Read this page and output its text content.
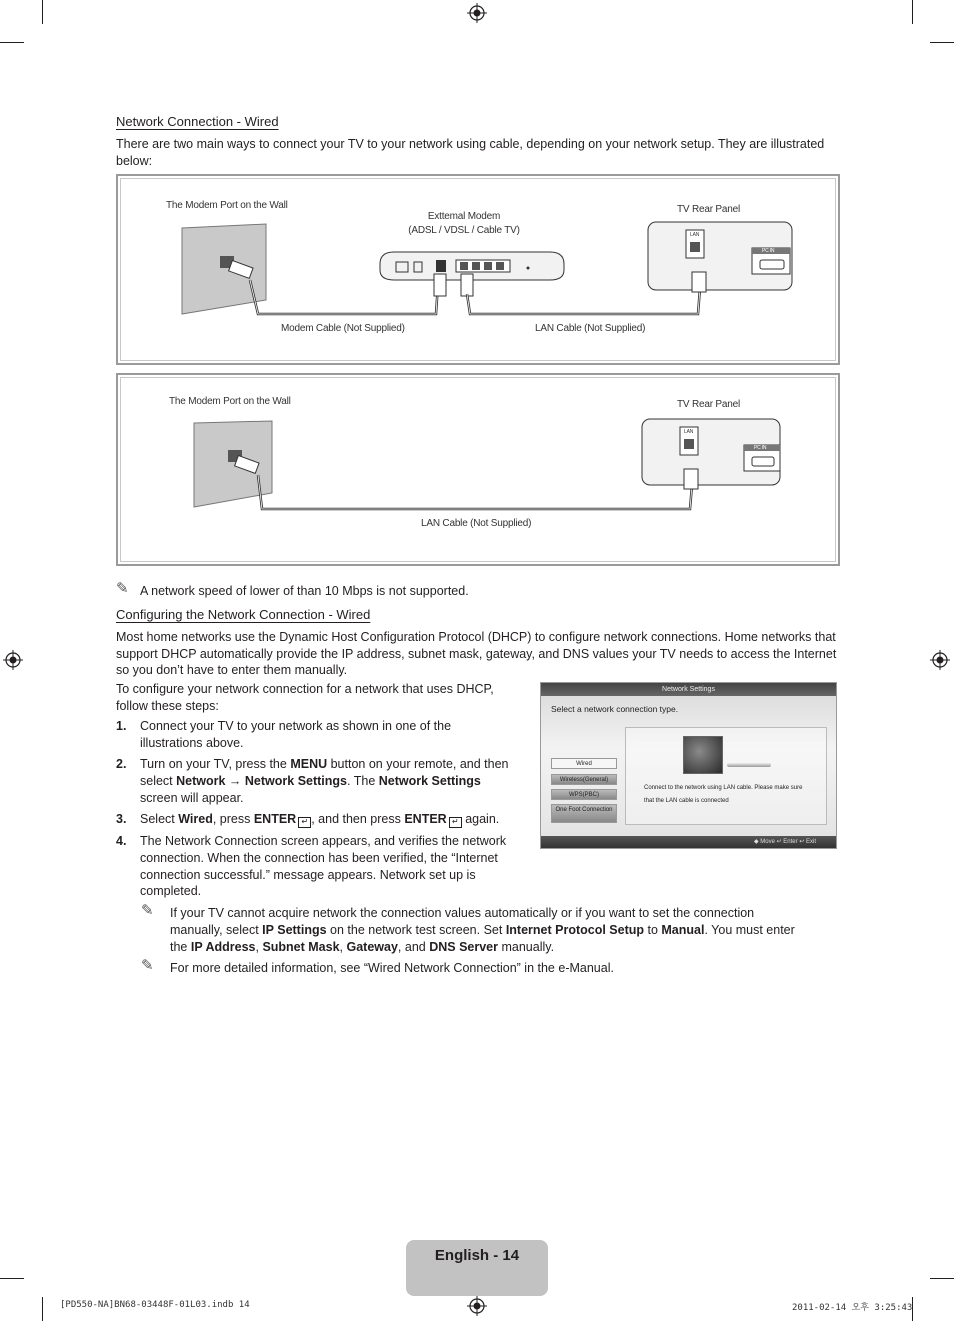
Network Connection - Wired
There are two main ways to connect your TV to your network using cable, depending on your network setup. They are illustrated below:
The Modem Port on the Wall
Exttemal Modem
(ADSL / VDSL / Cable TV)
TV Rear Panel
LAN
PC IN
Modem Cable (Not Supplied)	LAN Cable (Not Supplied)
The Modem Port on the Wall	TV Rear Panel
LAN
PC IN
LAN Cable (Not Supplied)
✎ A network speed of lower of than 10 Mbps is not supported.
Configuring the Network Connection - Wired
Most home networks use the Dynamic Host Configuration Protocol (DHCP) to configure network connections. Home networks that support DHCP automatically provide the IP address, subnet mask, gateway, and DNS values your TV needs to access the Internet so you don’t have to enter them manually.
To configure your network connection for a network that uses DHCP, follow these steps:
1. Connect your TV to your network as shown in one of the
illustrations above.
2. Turn on your TV, press the MENU button on your remote, and then
select Network → Network Settings. The Network Settings
screen will appear.
3. Select Wired, press ENTER ↵ , and then press ENTER ↵ again.
4. The Network Connection screen appears, and verifies the network
connection. When the connection has been verified, the “Internet
connection successful.” message appears. Network set up is
completed.
✎ If your TV cannot acquire network the connection values automatically or if you want to set the connection
manually, select IP Settings on the network test screen. Set Internet Protocol Setup to Manual. You must enter
the IP Address, Subnet Mask, Gateway, and DNS Server manually.
✎ For more detailed information, see “Wired Network Connection” in the e-Manual.
Network Settings
Select a network connection type.
Wired
Wireless(General)
WPS(PBC)
One Foot Connection
Connect to the network using LAN cable. Please make sure
that the LAN cable is connected
◆ Move ↵ Enter ↩ Exit
English - 14
[PD550-NA]BN68-03448F-01L03.indb 14	2011-02-14 오후 3:25:43
